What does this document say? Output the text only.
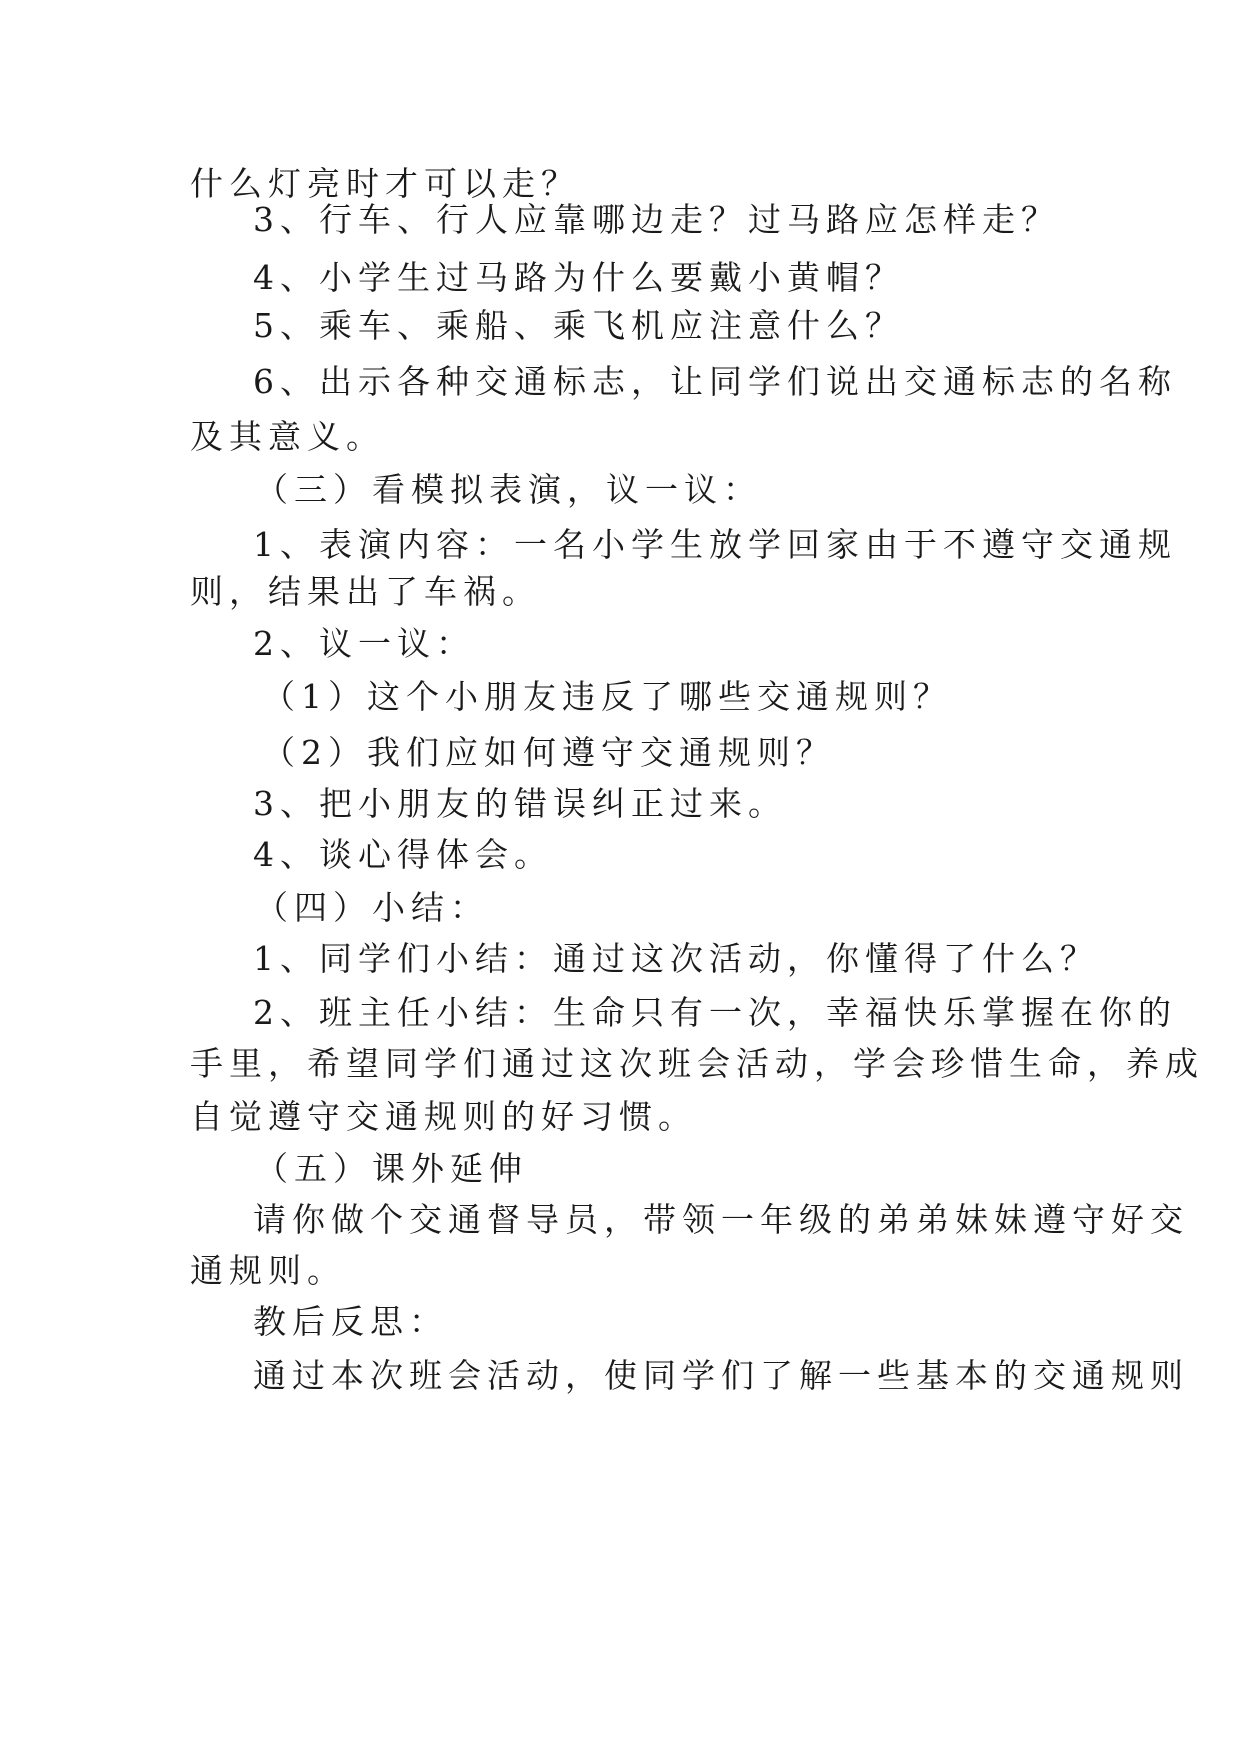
什么灯亮时才可以走？
3、行车、行人应靠哪边走？过马路应怎样走？
4、小学生过马路为什么要戴小黄帽？
5、乘车、乘船、乘飞机应注意什么？
6、出示各种交通标志，让同学们说出交通标志的名称
及其意义。
（三）看模拟表演，议一议：
1、表演内容：一名小学生放学回家由于不遵守交通规
则，结果出了车祸。
2、议一议：
（1）这个小朋友违反了哪些交通规则？
（2）我们应如何遵守交通规则？
3、把小朋友的错误纠正过来。
4、谈心得体会。
（四）小结：
1、同学们小结：通过这次活动，你懂得了什么？
2、班主任小结：生命只有一次，幸福快乐掌握在你的
手里，希望同学们通过这次班会活动，学会珍惜生命，养成
自觉遵守交通规则的好习惯。
（五）课外延伸
请你做个交通督导员，带领一年级的弟弟妹妹遵守好交
通规则。
教后反思：
通过本次班会活动，使同学们了解一些基本的交通规则
